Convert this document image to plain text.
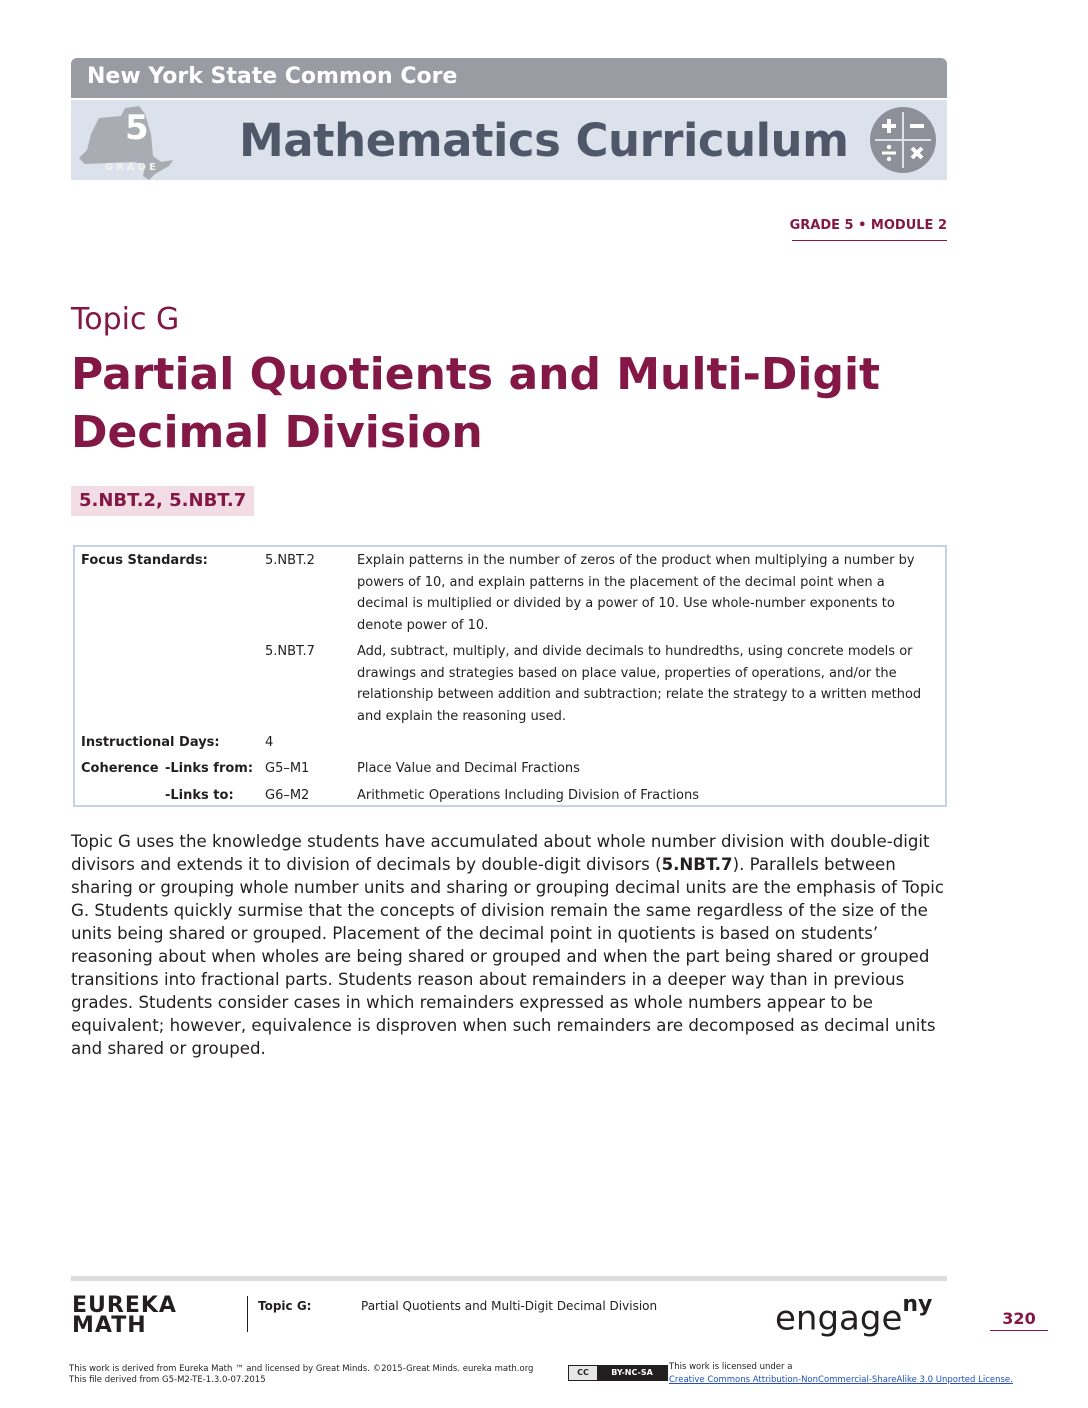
New York State Common Core
5
GRADE
Mathematics Curriculum
GRADE 5 • MODULE 2
Topic G
Partial Quotients and Multi-Digit
Decimal Division
5.NBT.2, 5.NBT.7
Focus Standards:	5.NBT.2	Explain patterns in the number of zeros of the product when multiplying a number by powers of 10, and explain patterns in the placement of the decimal point when a decimal is multiplied or divided by a power of 10. Use whole-number exponents to denote power of 10.
5.NBT.7	Add, subtract, multiply, and divide decimals to hundredths, using concrete models or drawings and strategies based on place value, properties of operations, and/or the relationship between addition and subtraction; relate the strategy to a written method and explain the reasoning used.
Instructional Days:	4
Coherence -Links from: G5–M1	Place Value and Decimal Fractions
-Links to: G6–M2	Arithmetic Operations Including Division of Fractions
Topic G uses the knowledge students have accumulated about whole number division with double-digit divisors and extends it to division of decimals by double-digit divisors (5.NBT.7). Parallels between sharing or grouping whole number units and sharing or grouping decimal units are the emphasis of Topic G. Students quickly surmise that the concepts of division remain the same regardless of the size of the units being shared or grouped. Placement of the decimal point in quotients is based on students’ reasoning about when wholes are being shared or grouped and when the part being shared or grouped transitions into fractional parts. Students reason about remainders in a deeper way than in previous grades. Students consider cases in which remainders expressed as whole numbers appear to be equivalent; however, equivalence is disproven when such remainders are decomposed as decimal units and shared or grouped.
EUREKA
MATH
Topic G:	Partial Quotients and Multi-Digit Decimal Division	engage$^{ny}$
320
This work is derived from Eureka Math ™ and licensed by Great Minds. ©2015-Great Minds. eureka math.org
This file derived from G5-M2-TE-1.3.0-07.2015
CC	BY-NC-SA
This work is licensed under a
Creative Commons Attribution-NonCommercial-ShareAlike 3.0 Unported License.
